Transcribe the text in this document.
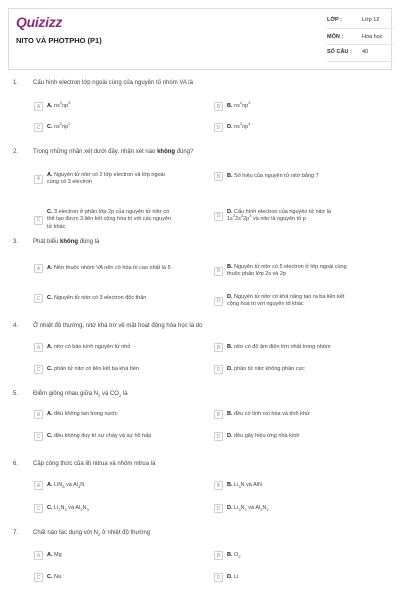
Quizizz
NITO VÀ PHOTPHO (P1)
LỚP :	Lớp 12
MÔN :	Hóa học
SỐ CÂU : 40
1. Cấu hình electron lớp ngoài cùng của nguyên tố nhóm VA là
A	A. $ns^2np^5$
B	B. $ns^2np^3$
C	C. $ns^2np^2$
D	D. $ns^2np^4$
2. Trong những nhận xét dưới đây, nhận xét nào không đúng?
A
A. Nguyên tử nitơ có 2 lớp electron và lớp ngoài
cùng có 3 electron
B	B. Số hiệu của nguyên tử nitơ bằng 7
C
C. 3 electron ở phân lớp 2p của nguyên tử nitơ có
thể tạo được 3 liên kết cộng hóa trị với các nguyên
tử khác
D
D. Cấu hình electron của nguyên tử nitơ là
$1s^22s^22p^3$ và nitơ là nguyên tố p
3. Phát biểu không đúng là
A	A. Nitơ thuộc nhóm VA nên có hóa trị cao nhất là 5
B
B. Nguyên tử nitơ có 5 electron ở lớp ngoài cùng
thuộc phân lớp 2s và 2p
C	C. Nguyên tử nitơ có 3 electron độc thân
D
D. Nguyên tử nitơ có khả năng tạo ra ba liên kết
cộng hoá trị với nguyên tố khác
4. Ở nhiệt độ thường, nitơ khá trơ về mặt hoạt động hóa học là do
A	A. nitơ có bán kính nguyên tử nhỏ	B	B. nitơ có độ âm điện lớn nhất trong nhóm
C	C. phân tử nitơ có liên kết ba khá bền	D	D. phân tử nitơ không phân cực
5. Điểm giống nhau giữa $N_2$ và $CO_2$ là
A	A. đều không tan trong nước	B	B. đều có tính oxi hóa và tính khử
C	C. đều không duy trì sự cháy và sự hô hấp	D	D. đều gây hiệu ứng nhà kính
6. Cặp công thức của liti nitrua và nhôm nitrua là
A	A. LiN$_3$ và $Al_3N$	B	B. $Li_3N$ và AlN
C	C. $Li_2N_3$ và $Al_2N_3$	D	D. $Li_3N_2$ và $Al_3N_2$
7. Chất nào tác dụng với $N_2$ ở nhiệt độ thường
A	A. Mg	B	B. $O_2$
C	C. Na	D	D. Li
